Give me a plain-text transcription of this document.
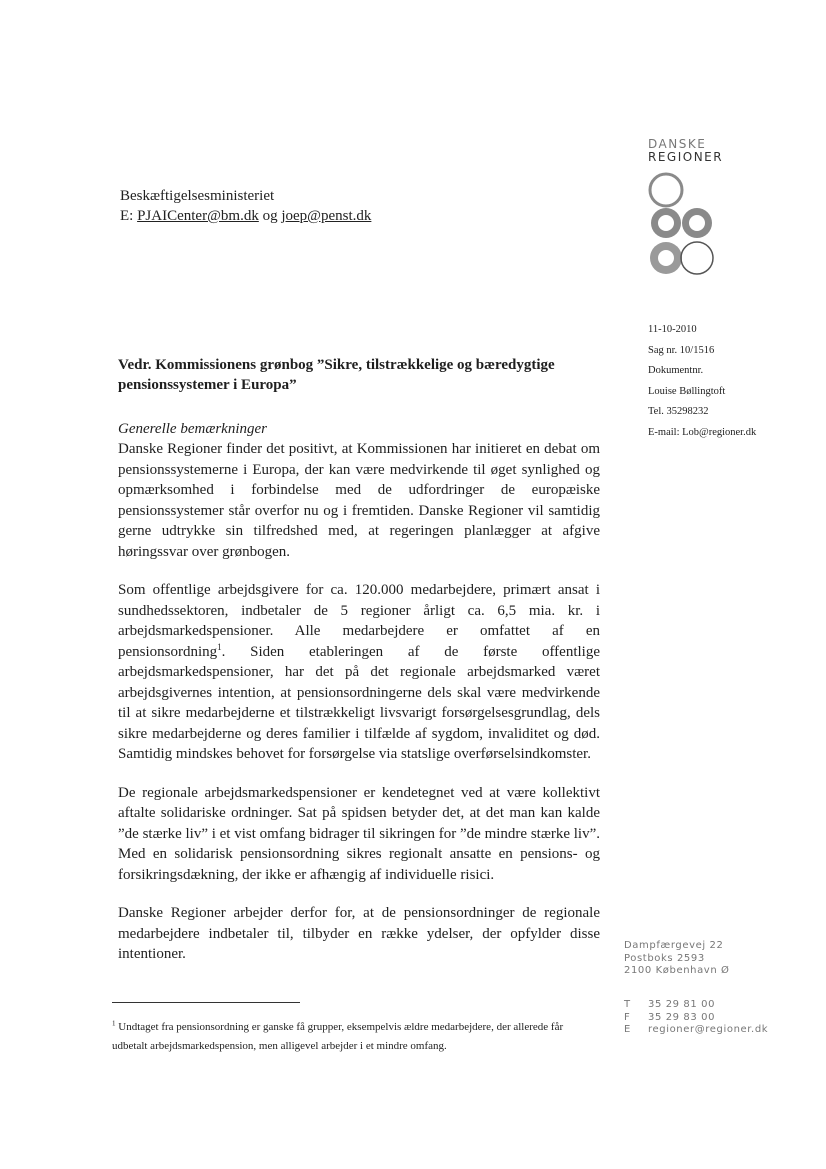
DANSKE
REGIONER
Beskæftigelsesministeriet
E: PJAICenter@bm.dk og joep@penst.dk
11-10-2010
Sag nr. 10/1516
Dokumentnr.
Louise Bøllingtoft
Tel. 35298232
E-mail: Lob@regioner.dk
Vedr. Kommissionens grønbog ”Sikre, tilstrækkelige og bæredygtige pensionssystemer i Europa”
Generelle bemærkninger

Danske Regioner finder det positivt, at Kommissionen har initieret en debat om pensionssystemerne i Europa, der kan være medvirkende til øget synlighed og opmærksomhed i forbindelse med de udfordringer de europæiske pensionssystemer står overfor nu og i fremtiden. Danske Regioner vil samtidig gerne udtrykke sin tilfredshed med, at regeringen planlægger at afgive høringssvar over grønbogen.

Som offentlige arbejdsgivere for ca. 120.000 medarbejdere, primært ansat i sundhedssektoren, indbetaler de 5 regioner årligt ca. 6,5 mia. kr. i arbejdsmarkedspensioner. Alle medarbejdere er omfattet af en pensionsordning$^1$. Siden etableringen af de første offentlige arbejdsmarkedspensioner, har det på det regionale arbejdsmarked været arbejdsgivernes intention, at pensionsordningerne dels skal være medvirkende til at sikre medarbejderne et tilstrækkeligt livsvarigt forsørgelsesgrundlag, dels sikre medarbejderne og deres familier i tilfælde af sygdom, invaliditet og død. Samtidig mindskes behovet for forsørgelse via statslige overførselsindkomster.

De regionale arbejdsmarkedspensioner er kendetegnet ved at være kollektivt aftalte solidariske ordninger. Sat på spidsen betyder det, at det man kan kalde ”de stærke liv” i et vist omfang bidrager til sikringen for ”de mindre stærke liv”. Med en solidarisk pensionsordning sikres regionalt ansatte en pensions- og forsikringsdækning, der ikke er afhængig af individuelle risici.

Danske Regioner arbejder derfor for, at de pensionsordninger de regionale medarbejdere indbetaler til, tilbyder en række ydelser, der opfylder disse intentioner.

$^1$ Undtaget fra pensionsordning er ganske få grupper, eksempelvis ældre medarbejdere, der allerede får udbetalt arbejdsmarkedspension, men alligevel arbejder i et mindre omfang.
Dampfærgevej 22
Postboks 2593
2100 København Ø
T	35 29 81 00
F	35 29 83 00
E	regioner@regioner.dk
